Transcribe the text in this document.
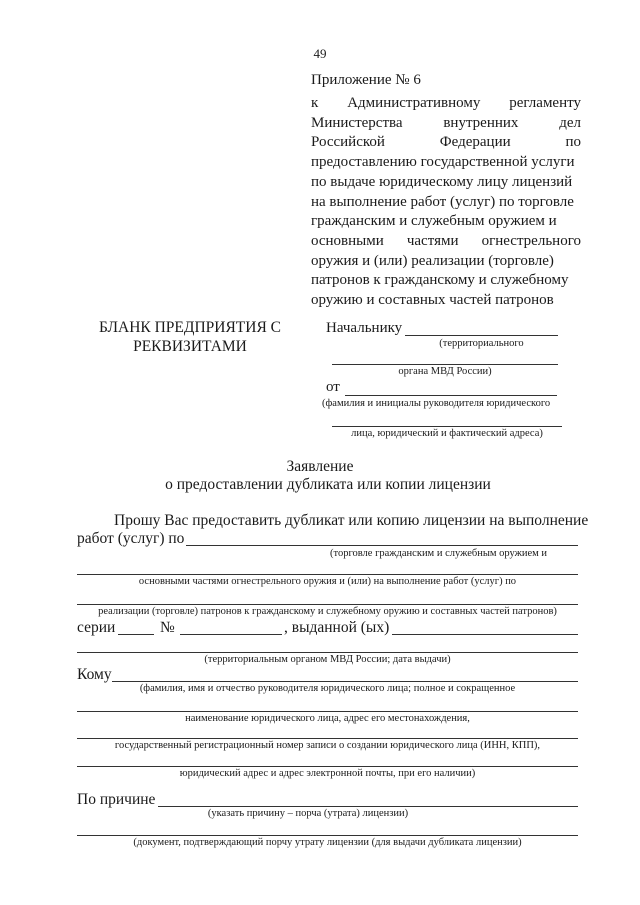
49
Приложение № 6
к Административному регламенту
Министерства	внутренних	дел
Российской	Федерации	по
предоставлению государственной услуги
по выдаче юридическому лицу лицензий
на выполнение работ (услуг) по торговле
гражданским и служебным оружием и
основными частями огнестрельного
оружия и (или) реализации (торговле)
патронов к гражданскому и служебному
оружию и составных частей патронов
БЛАНК ПРЕДПРИЯТИЯ С РЕКВИЗИТАМИ
Начальнику
(территориального
органа МВД России)
от
(фамилия и инициалы руководителя юридического
лица, юридический и фактический адреса)
Заявление
о предоставлении дубликата или копии лицензии
Прошу Вас предоставить дубликат или копию лицензии на выполнение
работ (услуг) по
(торговле гражданским и служебным оружием и
основными частями огнестрельного оружия и (или) на выполнение работ (услуг) по
реализации (торговле) патронов к гражданскому и служебному оружию и составных частей патронов)
серии	№	, выданной (ых)
(территориальным органом МВД России; дата выдачи)
Кому
(фамилия, имя и отчество руководителя юридического лица; полное и сокращенное
наименование юридического лица, адрес его местонахождения,
государственный регистрационный номер записи о создании юридического лица (ИНН, КПП),
юридический адрес и адрес электронной почты, при его наличии)
По причине
(указать причину – порча (утрата) лицензии)
(документ, подтверждающий порчу утрату лицензии (для выдачи дубликата лицензии)
